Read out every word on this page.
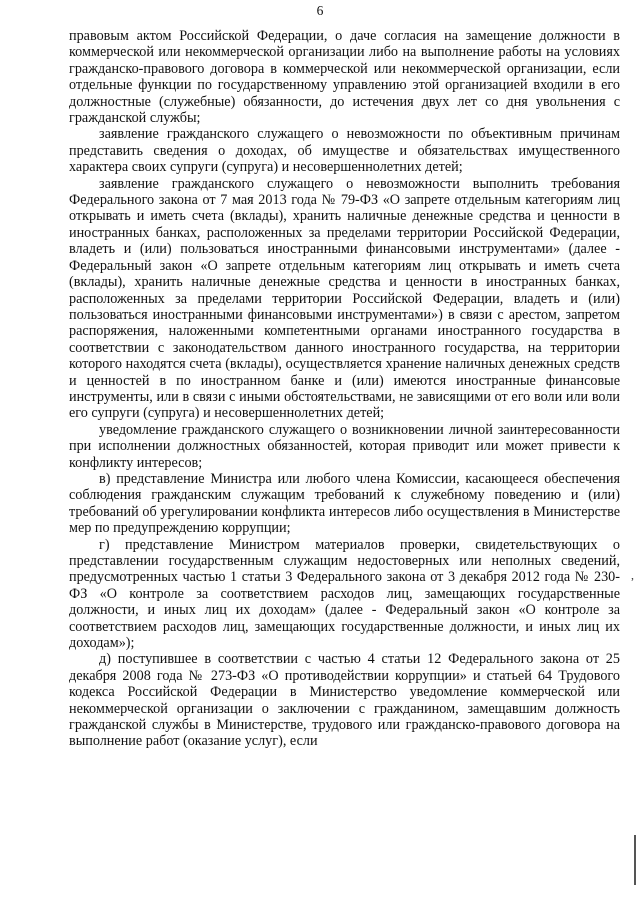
6

правовым актом Российской Федерации, о даче согласия на замещение должности в коммерческой или некоммерческой организации либо на выполнение работы на условиях гражданско-правового договора в коммерческой или некоммерческой организации, если отдельные функции по государственному управлению этой организацией входили в его должностные (служебные) обязанности, до истечения двух лет со дня увольнения с гражданской службы;

заявление гражданского служащего о невозможности по объективным причинам представить сведения о доходах, об имуществе и обязательствах имущественного характера своих супруги (супруга) и несовершеннолетних детей;

заявление гражданского служащего о невозможности выполнить требования Федерального закона от 7 мая 2013 года № 79-ФЗ «О запрете отдельным категориям лиц открывать и иметь счета (вклады), хранить наличные денежные средства и ценности в иностранных банках, расположенных за пределами территории Российской Федерации, владеть и (или) пользоваться иностранными финансовыми инструментами» (далее - Федеральный закон «О запрете отдельным категориям лиц открывать и иметь счета (вклады), хранить наличные денежные средства и ценности в иностранных банках, расположенных за пределами территории Российской Федерации, владеть и (или) пользоваться иностранными финансовыми инструментами») в связи с арестом, запретом распоряжения, наложенными компетентными органами иностранного государства в соответствии с законодательством данного иностранного государства, на территории которого находятся счета (вклады), осуществляется хранение наличных денежных средств и ценностей в по иностранном банке и (или) имеются иностранные финансовые инструменты, или в связи с иными обстоятельствами, не зависящими от его воли или воли его супруги (супруга) и несовершеннолетних детей;

уведомление гражданского служащего о возникновении личной заинтересованности при исполнении должностных обязанностей, которая приводит или может привести к конфликту интересов;

в) представление Министра или любого члена Комиссии, касающееся обеспечения соблюдения гражданским служащим требований к служебному поведению и (или) требований об урегулировании конфликта интересов либо осуществления в Министерстве мер по предупреждению коррупции;

г) представление Министром материалов проверки, свидетельствующих о представлении государственным служащим недостоверных или неполных сведений, предусмотренных частью 1 статьи 3 Федерального закона от 3 декабря 2012 года № 230-ФЗ «О контроле за соответствием расходов лиц, замещающих государственные должности, и иных лиц их доходам» (далее - Федеральный закон «О контроле за соответствием расходов лиц, замещающих государственные должности, и иных лиц их доходам»);

д) поступившее в соответствии с частью 4 статьи 12 Федерального закона от 25 декабря 2008 года № 273-ФЗ «О противодействии коррупции» и статьей 64 Трудового кодекса Российской Федерации в Министерство уведомление коммерческой или некоммерческой организации о заключении с гражданином, замещавшим должность гражданской службы в Министерстве, трудового или гражданско-правового договора на выполнение работ (оказание услуг), если

,
